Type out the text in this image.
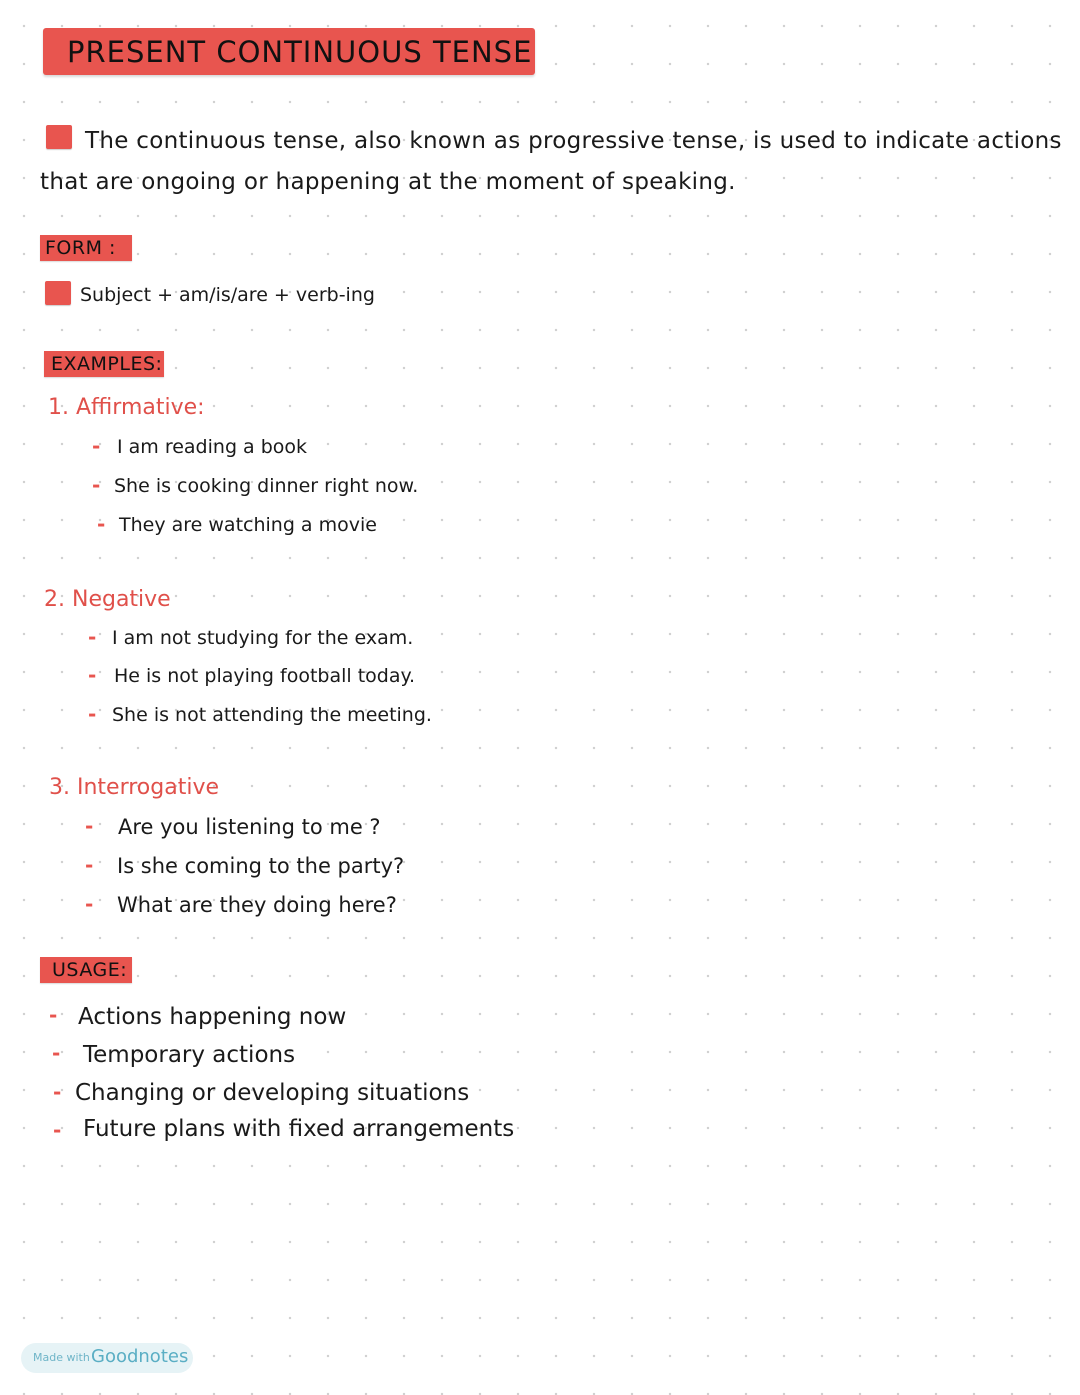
PRESENT CONTINUOUS TENSE
The continuous tense, also known as progressive tense, is used to indicate actions
that are ongoing or happening at the moment of speaking.
FORM :
Subject + am/is/are + verb-ing
EXAMPLES:
1. Affirmative:
- I am reading a book
- She is cooking dinner right now.
- They are watching a movie
2. Negative
- I am not studying for the exam.
- He is not playing football today.
- She is not attending the meeting.
3. Interrogative
- Are you listening to me ?
- Is she coming to the party?
- What are they doing here?
USAGE:
- Actions happening now
- Temporary actions
- Changing or developing situations
- Future plans with fixed arrangements
Made with Goodnotes
